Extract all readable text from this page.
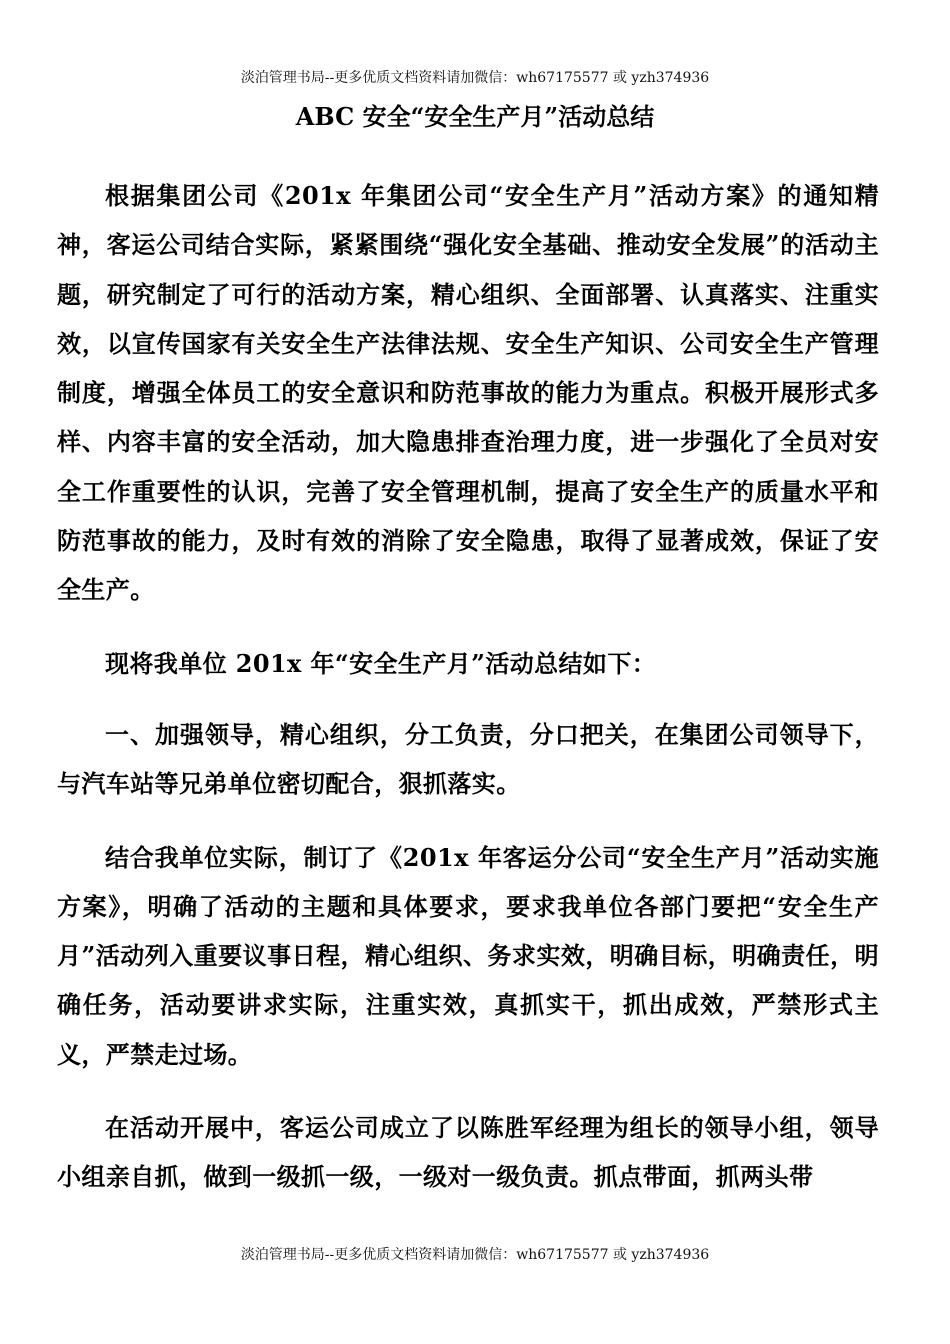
淡泊管理书局--更多优质文档资料请加微信：wh67175577 或 yzh374936
ABC 安全“安全生产月”活动总结

根据集团公司《201x 年集团公司“安全生产月”活动方案》的通知精神，客运公司结合实际，紧紧围绕“强化安全基础、推动安全发展”的活动主题，研究制定了可行的活动方案，精心组织、全面部署、认真落实、注重实效，以宣传国家有关安全生产法律法规、安全生产知识、公司安全生产管理制度，增强全体员工的安全意识和防范事故的能力为重点。积极开展形式多样、内容丰富的安全活动，加大隐患排查治理力度，进一步强化了全员对安全工作重要性的认识，完善了安全管理机制，提高了安全生产的质量水平和防范事故的能力，及时有效的消除了安全隐患，取得了显著成效，保证了安全生产。

现将我单位 201x 年“安全生产月”活动总结如下：

一、加强领导，精心组织，分工负责，分口把关，在集团公司领导下，与汽车站等兄弟单位密切配合，狠抓落实。

结合我单位实际，制订了《201x 年客运分公司“安全生产月”活动实施方案》，明确了活动的主题和具体要求，要求我单位各部门要把“安全生产月”活动列入重要议事日程，精心组织、务求实效，明确目标，明确责任，明确任务，活动要讲求实际，注重实效，真抓实干，抓出成效，严禁形式主义，严禁走过场。

在活动开展中，客运公司成立了以陈胜军经理为组长的领导小组，领导小组亲自抓，做到一级抓一级，一级对一级负责。抓点带面，抓两头带

淡泊管理书局--更多优质文档资料请加微信：wh67175577 或 yzh374936
